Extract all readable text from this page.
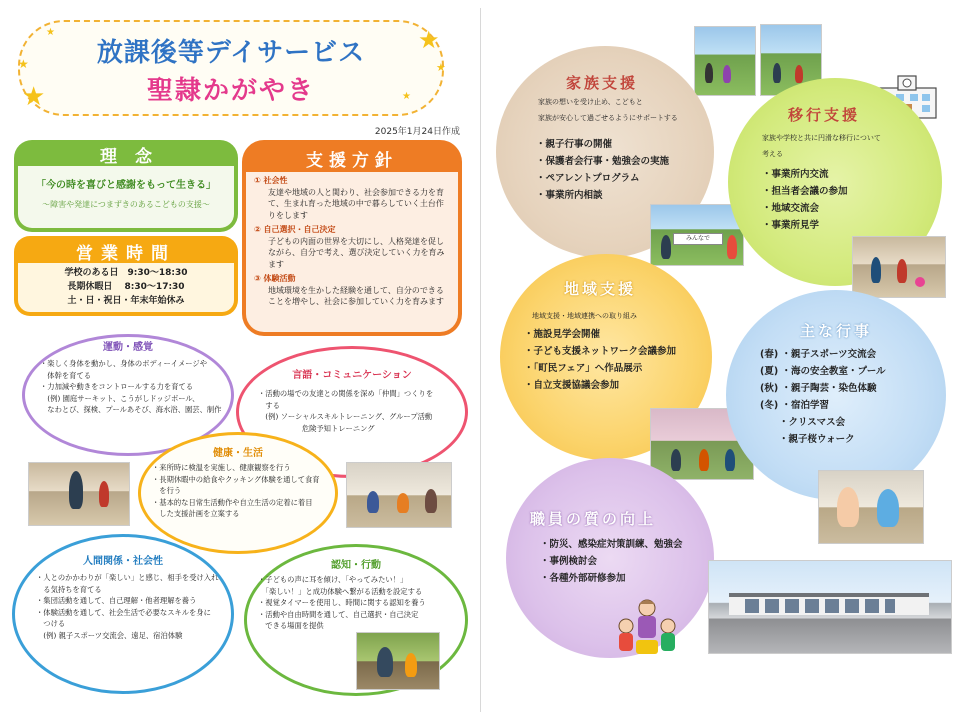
★
★
★	★
★
★
放課後等デイサービス
聖隷かがやき
2025年1月24日作成
理念
「今の時を喜びと感謝をもって生きる」
～障害や発達につまずきのあるこどもの支援～
営業時間
学校のある日　9:30～18:30
長期休暇日　 8:30～17:30
土・日・祝日・年末年始休み
支援方針
① 社会性
友達や地域の人と関わり、社会参加できる力を育て、生まれ育った地域の中で暮らしていく土台作りをします
② 自己選択・自己決定
子どもの内面の世界を大切にし、人格発達を促しながら、自分で考え、選び決定していく力を育みます
③ 体験活動
地域環境を生かした経験を通して、自分のできることを増やし、社会に参加していく力を育みます
運動・感覚
・楽しく身体を動かし、身体のボディーイメージや
　体幹を育てる
・力加減や動きをコントロールする力を育てる
　(例) 園庭サーキット、こうがしドッジボール、
　なわとび、探検、プールあそび、海水浴、園芸、制作
言語・コミュニケーション
・活動の場での友達との関係を深め「仲間」つくりを
　する
　(例) ソーシャルスキルトレーニング、グループ活動
　　　　　　危険予知トレーニング
健康・生活
・来所時に検温を実施し、健康観察を行う
・長期休暇中の給食やクッキング体験を通して食育
　を行う
・基本的な日常生活動作や自立生活の定着に着目
　した支援計画を立案する
人間関係・社会性
・人とのかかわりが「楽しい」と感じ、相手を受け入れ
　る気持ちを育てる
・集団活動を通して、自己理解・他者理解を養う
・体験活動を通して、社会生活で必要なスキルを身に
　つける
　(例) 親子スポーツ交流会、遠足、宿泊体験
認知・行動
・子どもの声に耳を傾け、「やってみたい！」
　「楽しい！」と成功体験へ繋がる活動を設定する
・視覚タイマーを使用し、時間に関する認知を養う
・活動や自由時間を通して、自己選択・自己決定
　できる場面を提供
家族支援
家族の想いを受け止め、こどもと
家族が安心して過ごせるようにサポートする
・親子行事の開催
・保護者会行事・勉強会の実施
・ペアレントプログラム
・事業所内相談
みんなで
移行支援
家族や学校と共に円滑な移行について
考える
・事業所内交流
・担当者会議の参加
・地域交流会
・事業所見学
地域支援
地域支援・地域連携への取り組み
・施設見学会開催
・子ども支援ネットワーク会議参加
・「町民フェア」へ作品展示
・自立支援協議会参加
主な行事
(春) ・親子スポーツ交流会
(夏) ・海の安全教室・プール
(秋) ・親子陶芸・染色体験
(冬) ・宿泊学習
　　・クリスマス会
　　・親子桜ウォーク
職員の質の向上
・防災、感染症対策訓練、勉強会
・事例検討会
・各種外部研修参加
